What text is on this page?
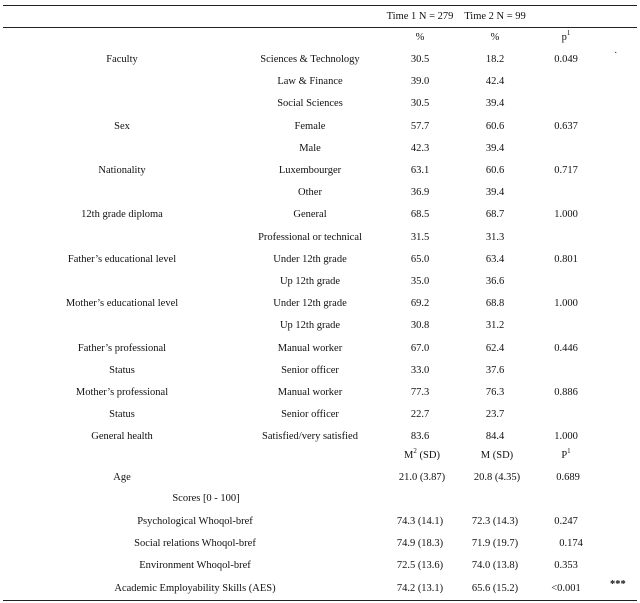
Time 1 N = 279 Time 2 N = 99
%	%	$p^1$
·
Faculty	Sciences & Technology	30.5	18.2	0.049
Law & Finance	39.0	42.4
Social Sciences	30.5	39.4
Sex	Female	57.7	60.6	0.637
Male	42.3	39.4
Nationality	Luxembourger	63.1	60.6	0.717
Other	36.9	39.4
12th grade diploma	General	68.5	68.7	1.000
Professional or technical	31.5	31.3
Father’s educational level	Under 12th grade	65.0	63.4	0.801
Up 12th grade	35.0	36.6
Mother’s educational level	Under 12th grade	69.2	68.8	1.000
Up 12th grade	30.8	31.2
Father’s professional	Manual worker	67.0	62.4	0.446
Status	Senior officer	33.0	37.6
Mother’s professional	Manual worker	77.3	76.3	0.886
Status	Senior officer	22.7	23.7
General health	Satisfied/very satisfied	83.6	84.4	1.000
$M^2$ (SD)	M (SD)	$P^1$
Age	21.0 (3.87)	20.8 (4.35)	0.689
Scores [0 - 100]
Psychological Whoqol-bref	74.3 (14.1)	72.3 (14.3)	0.247
Social relations Whoqol-bref	74.9 (18.3)	71.9 (19.7)	0.174
Environment Whoqol-bref	72.5 (13.6)	74.0 (13.8)	0.353
Academic Employability Skills (AES)	74.2 (13.1)	65.6 (15.2)	<0.001	***
